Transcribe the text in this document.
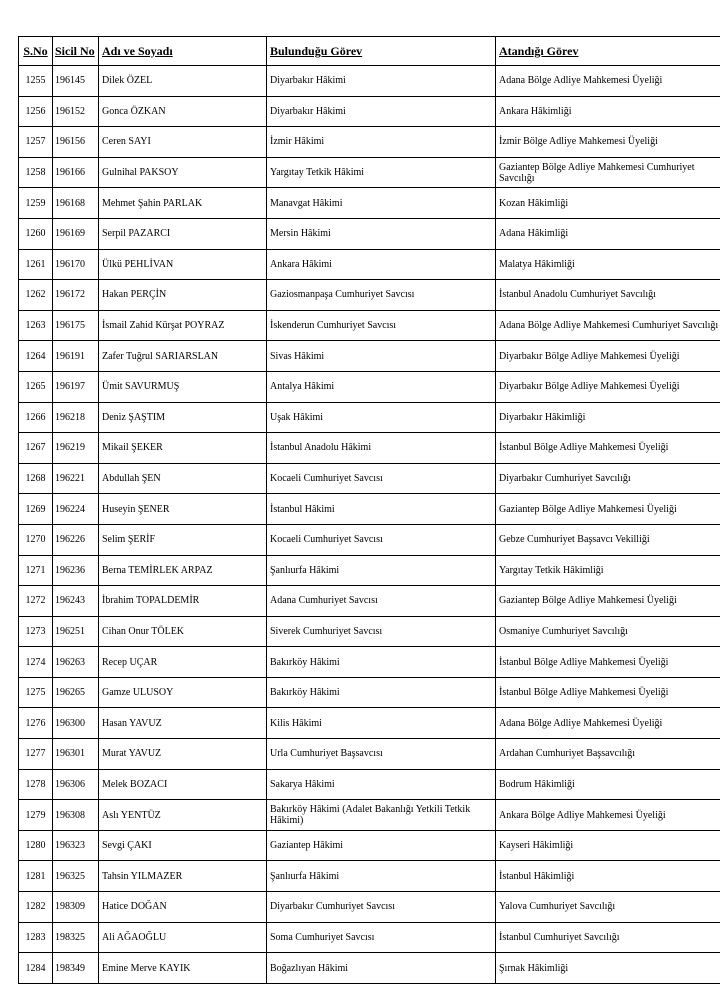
S.No	Sicil No	Adı ve Soyadı	Bulunduğu Görev	Atandığı Görev
1255	196145	Dilek ÖZEL	Diyarbakır Hâkimi	Adana Bölge Adliye Mahkemesi Üyeliği
1256	196152	Gonca ÖZKAN	Diyarbakır Hâkimi	Ankara Hâkimliği
1257	196156	Ceren SAYI	İzmir Hâkimi	İzmir Bölge Adliye Mahkemesi Üyeliği
1258	196166	Gulnihal PAKSOY	Yargıtay Tetkik Hâkimi	Gaziantep Bölge Adliye Mahkemesi Cumhuriyet Savcılığı
1259	196168	Mehmet Şahin PARLAK	Manavgat Hâkimi	Kozan Hâkimliği
1260	196169	Serpil PAZARCI	Mersin Hâkimi	Adana Hâkimliği
1261	196170	Ülkü PEHLİVAN	Ankara Hâkimi	Malatya Hâkimliği
1262	196172	Hakan PERÇİN	Gaziosmanpaşa Cumhuriyet Savcısı	İstanbul Anadolu Cumhuriyet Savcılığı
1263	196175	İsmail Zahid Kürşat POYRAZ	İskenderun Cumhuriyet Savcısı	Adana Bölge Adliye Mahkemesi Cumhuriyet Savcılığı
1264	196191	Zafer Tuğrul SARIARSLAN	Sivas Hâkimi	Diyarbakır Bölge Adliye Mahkemesi Üyeliği
1265	196197	Ümit SAVURMUŞ	Antalya Hâkimi	Diyarbakır Bölge Adliye Mahkemesi Üyeliği
1266	196218	Deniz ŞAŞTIM	Uşak Hâkimi	Diyarbakır Hâkimliği
1267	196219	Mikail ŞEKER	İstanbul Anadolu Hâkimi	İstanbul Bölge Adliye Mahkemesi Üyeliği
1268	196221	Abdullah ŞEN	Kocaeli Cumhuriyet Savcısı	Diyarbakır Cumhuriyet Savcılığı
1269	196224	Huseyin ŞENER	İstanbul Hâkimi	Gaziantep Bölge Adliye Mahkemesi Üyeliği
1270	196226	Selim ŞERİF	Kocaeli Cumhuriyet Savcısı	Gebze Cumhuriyet Başsavcı Vekilliği
1271	196236	Berna TEMİRLEK ARPAZ	Şanlıurfa Hâkimi	Yargıtay Tetkik Hâkimliği
1272	196243	İbrahim TOPALDEMİR	Adana Cumhuriyet Savcısı	Gaziantep Bölge Adliye Mahkemesi Üyeliği
1273	196251	Cihan Onur TÖLEK	Siverek Cumhuriyet Savcısı	Osmaniye Cumhuriyet Savcılığı
1274	196263	Recep UÇAR	Bakırköy Hâkimi	İstanbul Bölge Adliye Mahkemesi Üyeliği
1275	196265	Gamze ULUSOY	Bakırköy Hâkimi	İstanbul Bölge Adliye Mahkemesi Üyeliği
1276	196300	Hasan YAVUZ	Kilis Hâkimi	Adana Bölge Adliye Mahkemesi Üyeliği
1277	196301	Murat YAVUZ	Urla Cumhuriyet Başsavcısı	Ardahan Cumhuriyet Başsavcılığı
1278	196306	Melek BOZACI	Sakarya Hâkimi	Bodrum Hâkimliği
1279	196308	Aslı YENTÜZ	Bakırköy Hâkimi (Adalet Bakanlığı Yetkili Tetkik Hâkimi)	Ankara Bölge Adliye Mahkemesi Üyeliği
1280	196323	Sevgi ÇAKI	Gaziantep Hâkimi	Kayseri Hâkimliği
1281	196325	Tahsin YILMAZER	Şanlıurfa Hâkimi	İstanbul Hâkimliği
1282	198309	Hatice DOĞAN	Diyarbakır Cumhuriyet Savcısı	Yalova Cumhuriyet Savcılığı
1283	198325	Ali AĞAOĞLU	Soma Cumhuriyet Savcısı	İstanbul Cumhuriyet Savcılığı
1284	198349	Emine Merve KAYIK	Boğazlıyan Hâkimi	Şırnak Hâkimliği
